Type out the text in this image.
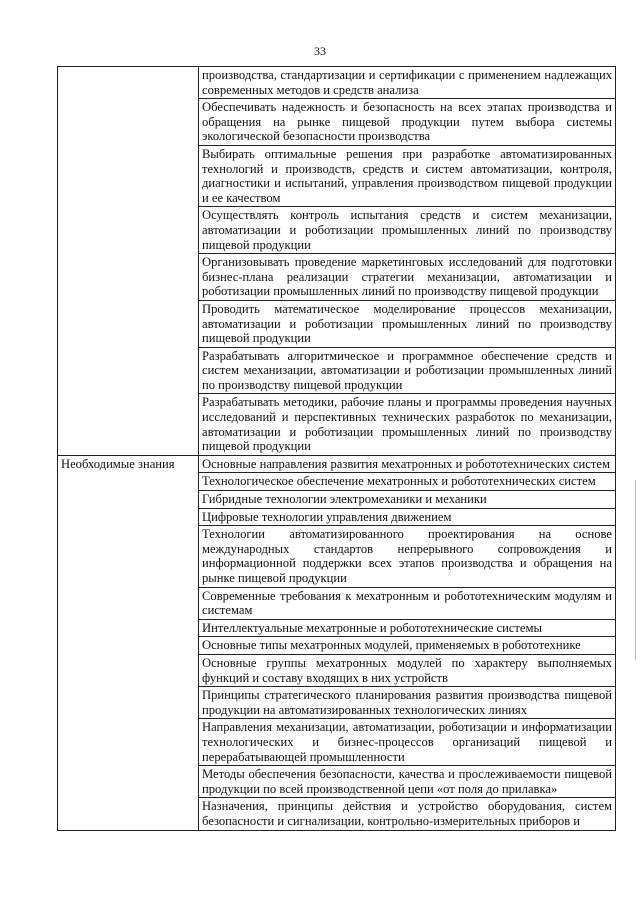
33
	производства, стандартизации и сертификации с применением надлежащих современных методов и средств анализа
	Обеспечивать надежность и безопасность на всех этапах производства и обращения на рынке пищевой продукции путем выбора системы экологической безопасности производства
	Выбирать оптимальные решения при разработке автоматизированных технологий и производств, средств и систем автоматизации, контроля, диагностики и испытаний, управления производством пищевой продукции и ее качеством
	Осуществлять контроль испытания средств и систем механизации, автоматизации и роботизации промышленных линий по производству пищевой продукции
	Организовывать проведение маркетинговых исследований для подготовки бизнес-плана реализации стратегии механизации, автоматизации и роботизации промышленных линий по производству пищевой продукции
	Проводить математическое моделирование процессов механизации, автоматизации и роботизации промышленных линий по производству пищевой продукции
	Разрабатывать алгоритмическое и программное обеспечение средств и систем механизации, автоматизации и роботизации промышленных линий по производству пищевой продукции
	Разрабатывать методики, рабочие планы и программы проведения научных исследований и перспективных технических разработок по механизации, автоматизации и роботизации промышленных линий по производству пищевой продукции
Необходимые знания	Основные направления развития мехатронных и робототехнических систем
	Технологическое обеспечение мехатронных и робототехнических систем
	Гибридные технологии электромеханики и механики
	Цифровые технологии управления движением
	Технологии автоматизированного проектирования на основе международных стандартов непрерывного сопровождения и информационной поддержки всех этапов производства и обращения на рынке пищевой продукции
	Современные требования к мехатронным и робототехническим модулям и системам
	Интеллектуальные мехатронные и робототехнические системы
	Основные типы мехатронных модулей, применяемых в робототехнике
	Основные группы мехатронных модулей по характеру выполняемых функций и составу входящих в них устройств
	Принципы стратегического планирования развития производства пищевой продукции на автоматизированных технологических линиях
	Направления механизации, автоматизации, роботизации и информатизации технологических и бизнес-процессов организаций пищевой и перерабатывающей промышленности
	Методы обеспечения безопасности, качества и прослеживаемости пищевой продукции по всей производственной цепи «от поля до прилавка»
	Назначения, принципы действия и устройство оборудования, систем безопасности и сигнализации, контрольно-измерительных приборов и
